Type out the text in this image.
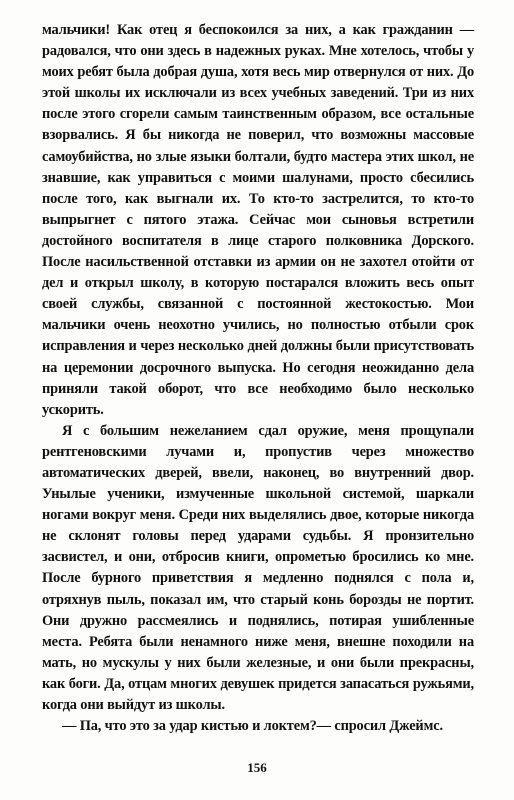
мальчики! Как отец я беспокоился за них, а как гражданин — радовался, что они здесь в надежных руках. Мне хотелось, чтобы у моих ребят была добрая душа, хотя весь мир отвернулся от них. До этой школы их исключали из всех учебных заведений. Три из них после этого сгорели самым таинственным образом, все остальные взорвались. Я бы никогда не поверил, что возможны массовые самоубийства, но злые языки болтали, будто мастера этих школ, не знавшие, как управиться с моими шалунами, просто сбесились после того, как выгнали их. То кто-то застрелится, то кто-то выпрыгнет с пятого этажа. Сейчас мои сыновья встретили достойного воспитателя в лице старого полковника Дорского. После насильственной отставки из армии он не захотел отойти от дел и открыл школу, в которую постарался вложить весь опыт своей службы, связанной с постоянной жестокостью. Мои мальчики очень неохотно учились, но полностью отбыли срок исправления и через несколько дней должны были присутствовать на церемонии досрочного выпуска. Но сегодня неожиданно дела приняли такой оборот, что все необходимо было несколько ускорить.

Я с большим нежеланием сдал оружие, меня прощупали рентгеновскими лучами и, пропустив через множество автоматических дверей, ввели, наконец, во внутренний двор. Унылые ученики, измученные школьной системой, шаркали ногами вокруг меня. Среди них выделялись двое, которые никогда не склонят головы перед ударами судьбы. Я пронзительно засвистел, и они, отбросив книги, опрометью бросились ко мне. После бурного приветствия я медленно поднялся с пола и, отряхнув пыль, показал им, что старый конь борозды не портит. Они дружно рассмеялись и поднялись, потирая ушибленные места. Ребята были ненамного ниже меня, внешне походили на мать, но мускулы у них были железные, и они были прекрасны, как боги. Да, отцам многих девушек придется запасаться ружьями, когда они выйдут из школы.

— Па, что это за удар кистью и локтем?— спросил Джеймс.

156
